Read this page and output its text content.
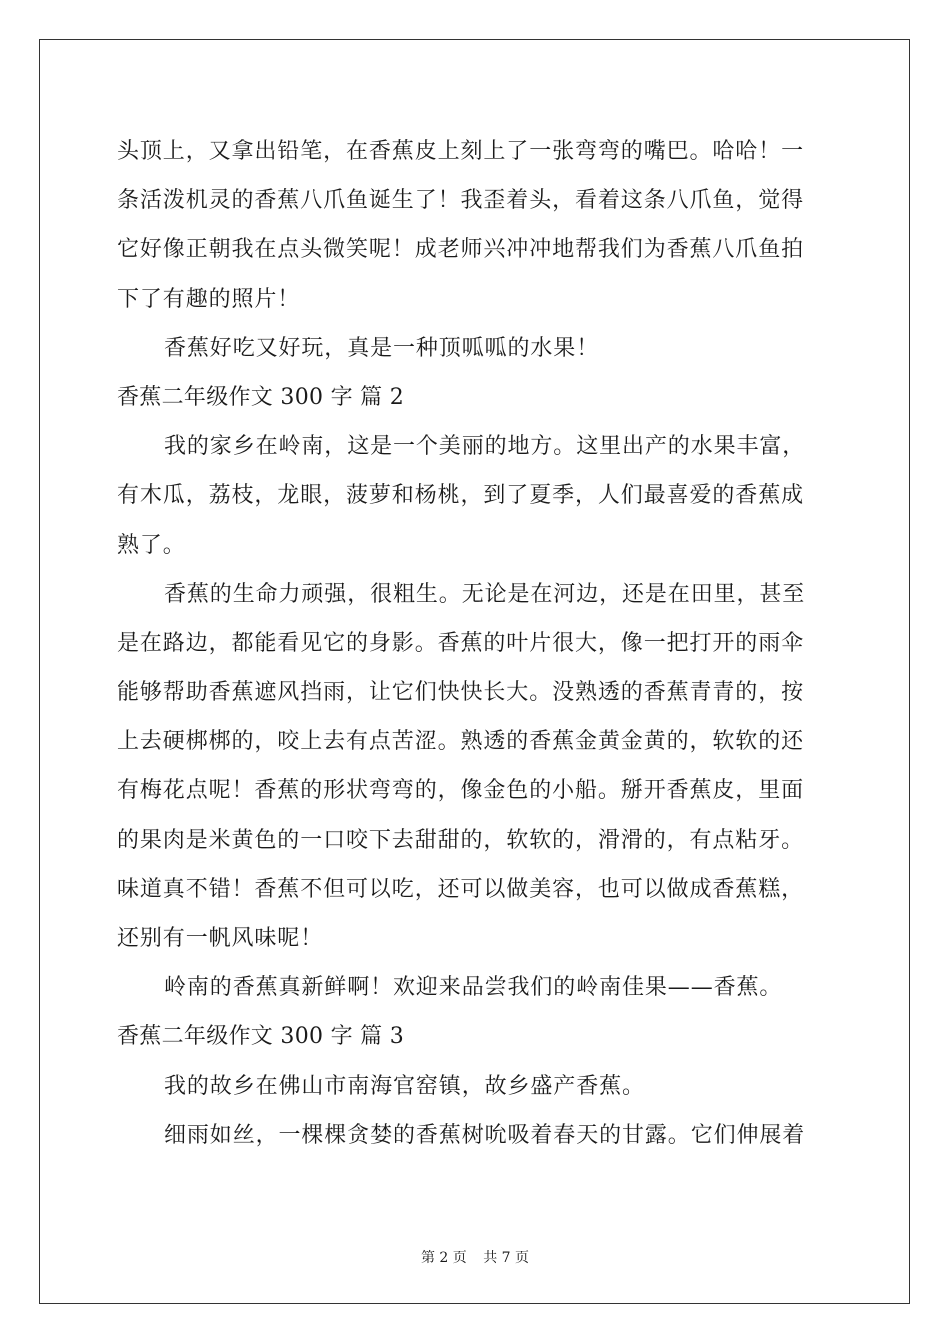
头顶上，又拿出铅笔，在香蕉皮上刻上了一张弯弯的嘴巴。哈哈！一
条活泼机灵的香蕉八爪鱼诞生了！我歪着头，看着这条八爪鱼，觉得
它好像正朝我在点头微笑呢！成老师兴冲冲地帮我们为香蕉八爪鱼拍
下了有趣的照片！
香蕉好吃又好玩，真是一种顶呱呱的水果！
香蕉二年级作文 300 字 篇 2
我的家乡在岭南，这是一个美丽的地方。这里出产的水果丰富，
有木瓜，荔枝，龙眼，菠萝和杨桃，到了夏季，人们最喜爱的香蕉成
熟了。
香蕉的生命力顽强，很粗生。无论是在河边，还是在田里，甚至
是在路边，都能看见它的身影。香蕉的叶片很大，像一把打开的雨伞
能够帮助香蕉遮风挡雨，让它们快快长大。没熟透的香蕉青青的，按
上去硬梆梆的，咬上去有点苦涩。熟透的香蕉金黄金黄的，软软的还
有梅花点呢！香蕉的形状弯弯的，像金色的小船。掰开香蕉皮，里面
的果肉是米黄色的一口咬下去甜甜的，软软的，滑滑的，有点粘牙。
味道真不错！香蕉不但可以吃，还可以做美容，也可以做成香蕉糕，
还别有一帆风味呢！
岭南的香蕉真新鲜啊！欢迎来品尝我们的岭南佳果——香蕉。
香蕉二年级作文 300 字 篇 3
我的故乡在佛山市南海官窑镇，故乡盛产香蕉。
细雨如丝，一棵棵贪婪的香蕉树吮吸着春天的甘露。它们伸展着
第 2 页 共 7 页
